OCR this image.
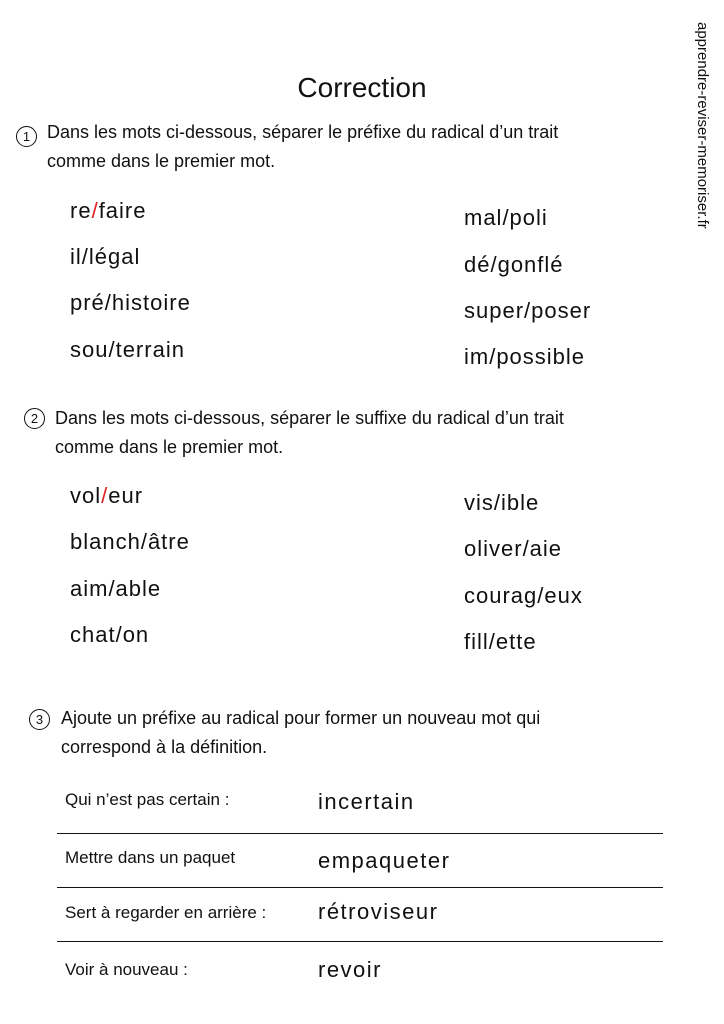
apprendre-reviser-memoriser.fr
Correction
1 Dans les mots ci-dessous, séparer le préfixe du radical d’un trait
comme dans le premier mot.
re/faire
il/légal
pré/histoire
sou/terrain
mal/poli
dé/gonflé
super/poser
im/possible
2 Dans les mots ci-dessous, séparer le suffixe du radical d’un trait
comme dans le premier mot.
vol/eur
blanch/âtre
aim/able
chat/on
vis/ible
oliver/aie
courag/eux
fill/ette
3 Ajoute un préfixe au radical pour former un nouveau mot qui
correspond à la définition.
Qui n’est pas certain :	incertain
Mettre dans un paquet	empaqueter
Sert à regarder en arrière : rétroviseur
Voir à nouveau :	revoir
